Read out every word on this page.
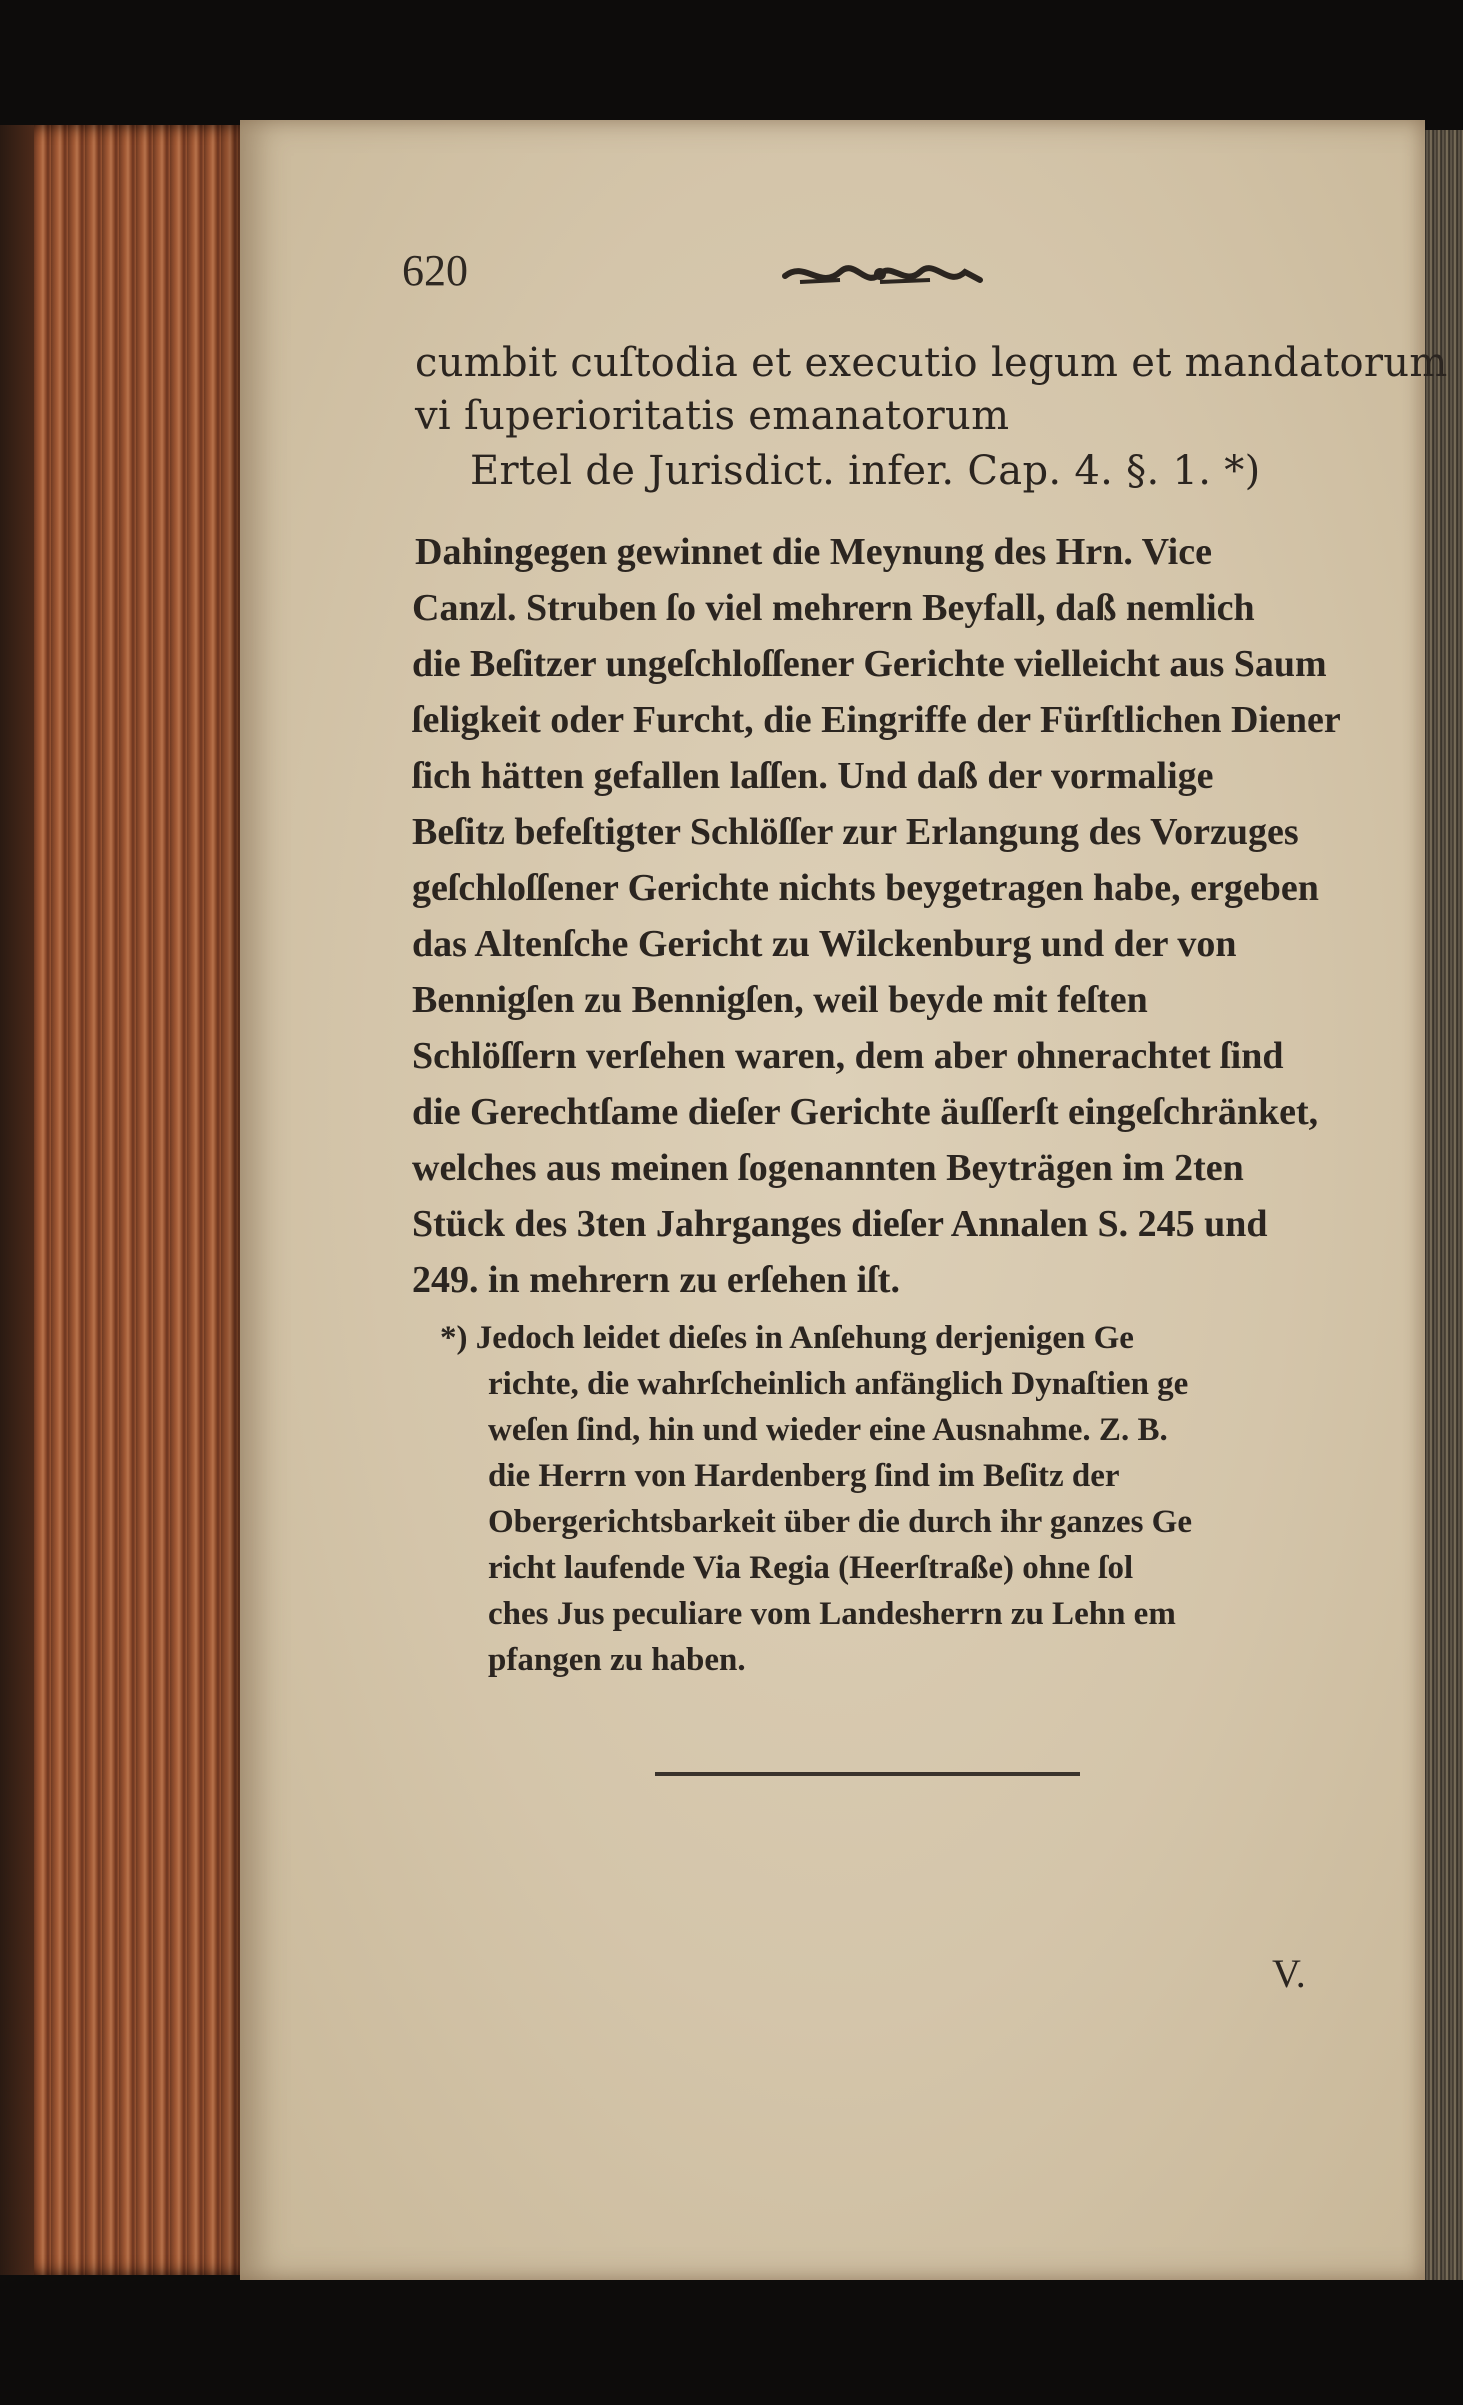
620
cumbit cuſtodia et executio legum et mandatorum
vi ſuperioritatis emanatorum
Ertel de Jurisdict. infer. Cap. 4. §. 1. *)
Dahingegen gewinnet die Meynung des Hrn. Vice
Canzl. Struben ſo viel mehrern Beyfall, daß nemlich
die Beſitzer ungeſchloſſener Gerichte vielleicht aus Saum
ſeligkeit oder Furcht, die Eingriffe der Fürſtlichen Diener
ſich hätten gefallen laſſen. Und daß der vormalige
Beſitz befeſtigter Schlöſſer zur Erlangung des Vorzuges
geſchloſſener Gerichte nichts beygetragen habe, ergeben
das Altenſche Gericht zu Wilckenburg und der von
Bennigſen zu Bennigſen, weil beyde mit feſten
Schlöſſern verſehen waren, dem aber ohnerachtet ſind
die Gerechtſame dieſer Gerichte äuſſerſt eingeſchränket,
welches aus meinen ſogenannten Beyträgen im 2ten
Stück des 3ten Jahrganges dieſer Annalen S. 245 und
249. in mehrern zu erſehen iſt.
*) Jedoch leidet dieſes in Anſehung derjenigen Ge
richte, die wahrſcheinlich anfänglich Dynaſtien ge
weſen ſind, hin und wieder eine Ausnahme. Z. B.
die Herrn von Hardenberg ſind im Beſitz der
Obergerichtsbarkeit über die durch ihr ganzes Ge
richt laufende Via Regia (Heerſtraße) ohne ſol
ches Jus peculiare vom Landesherrn zu Lehn em
pfangen zu haben.
V.
